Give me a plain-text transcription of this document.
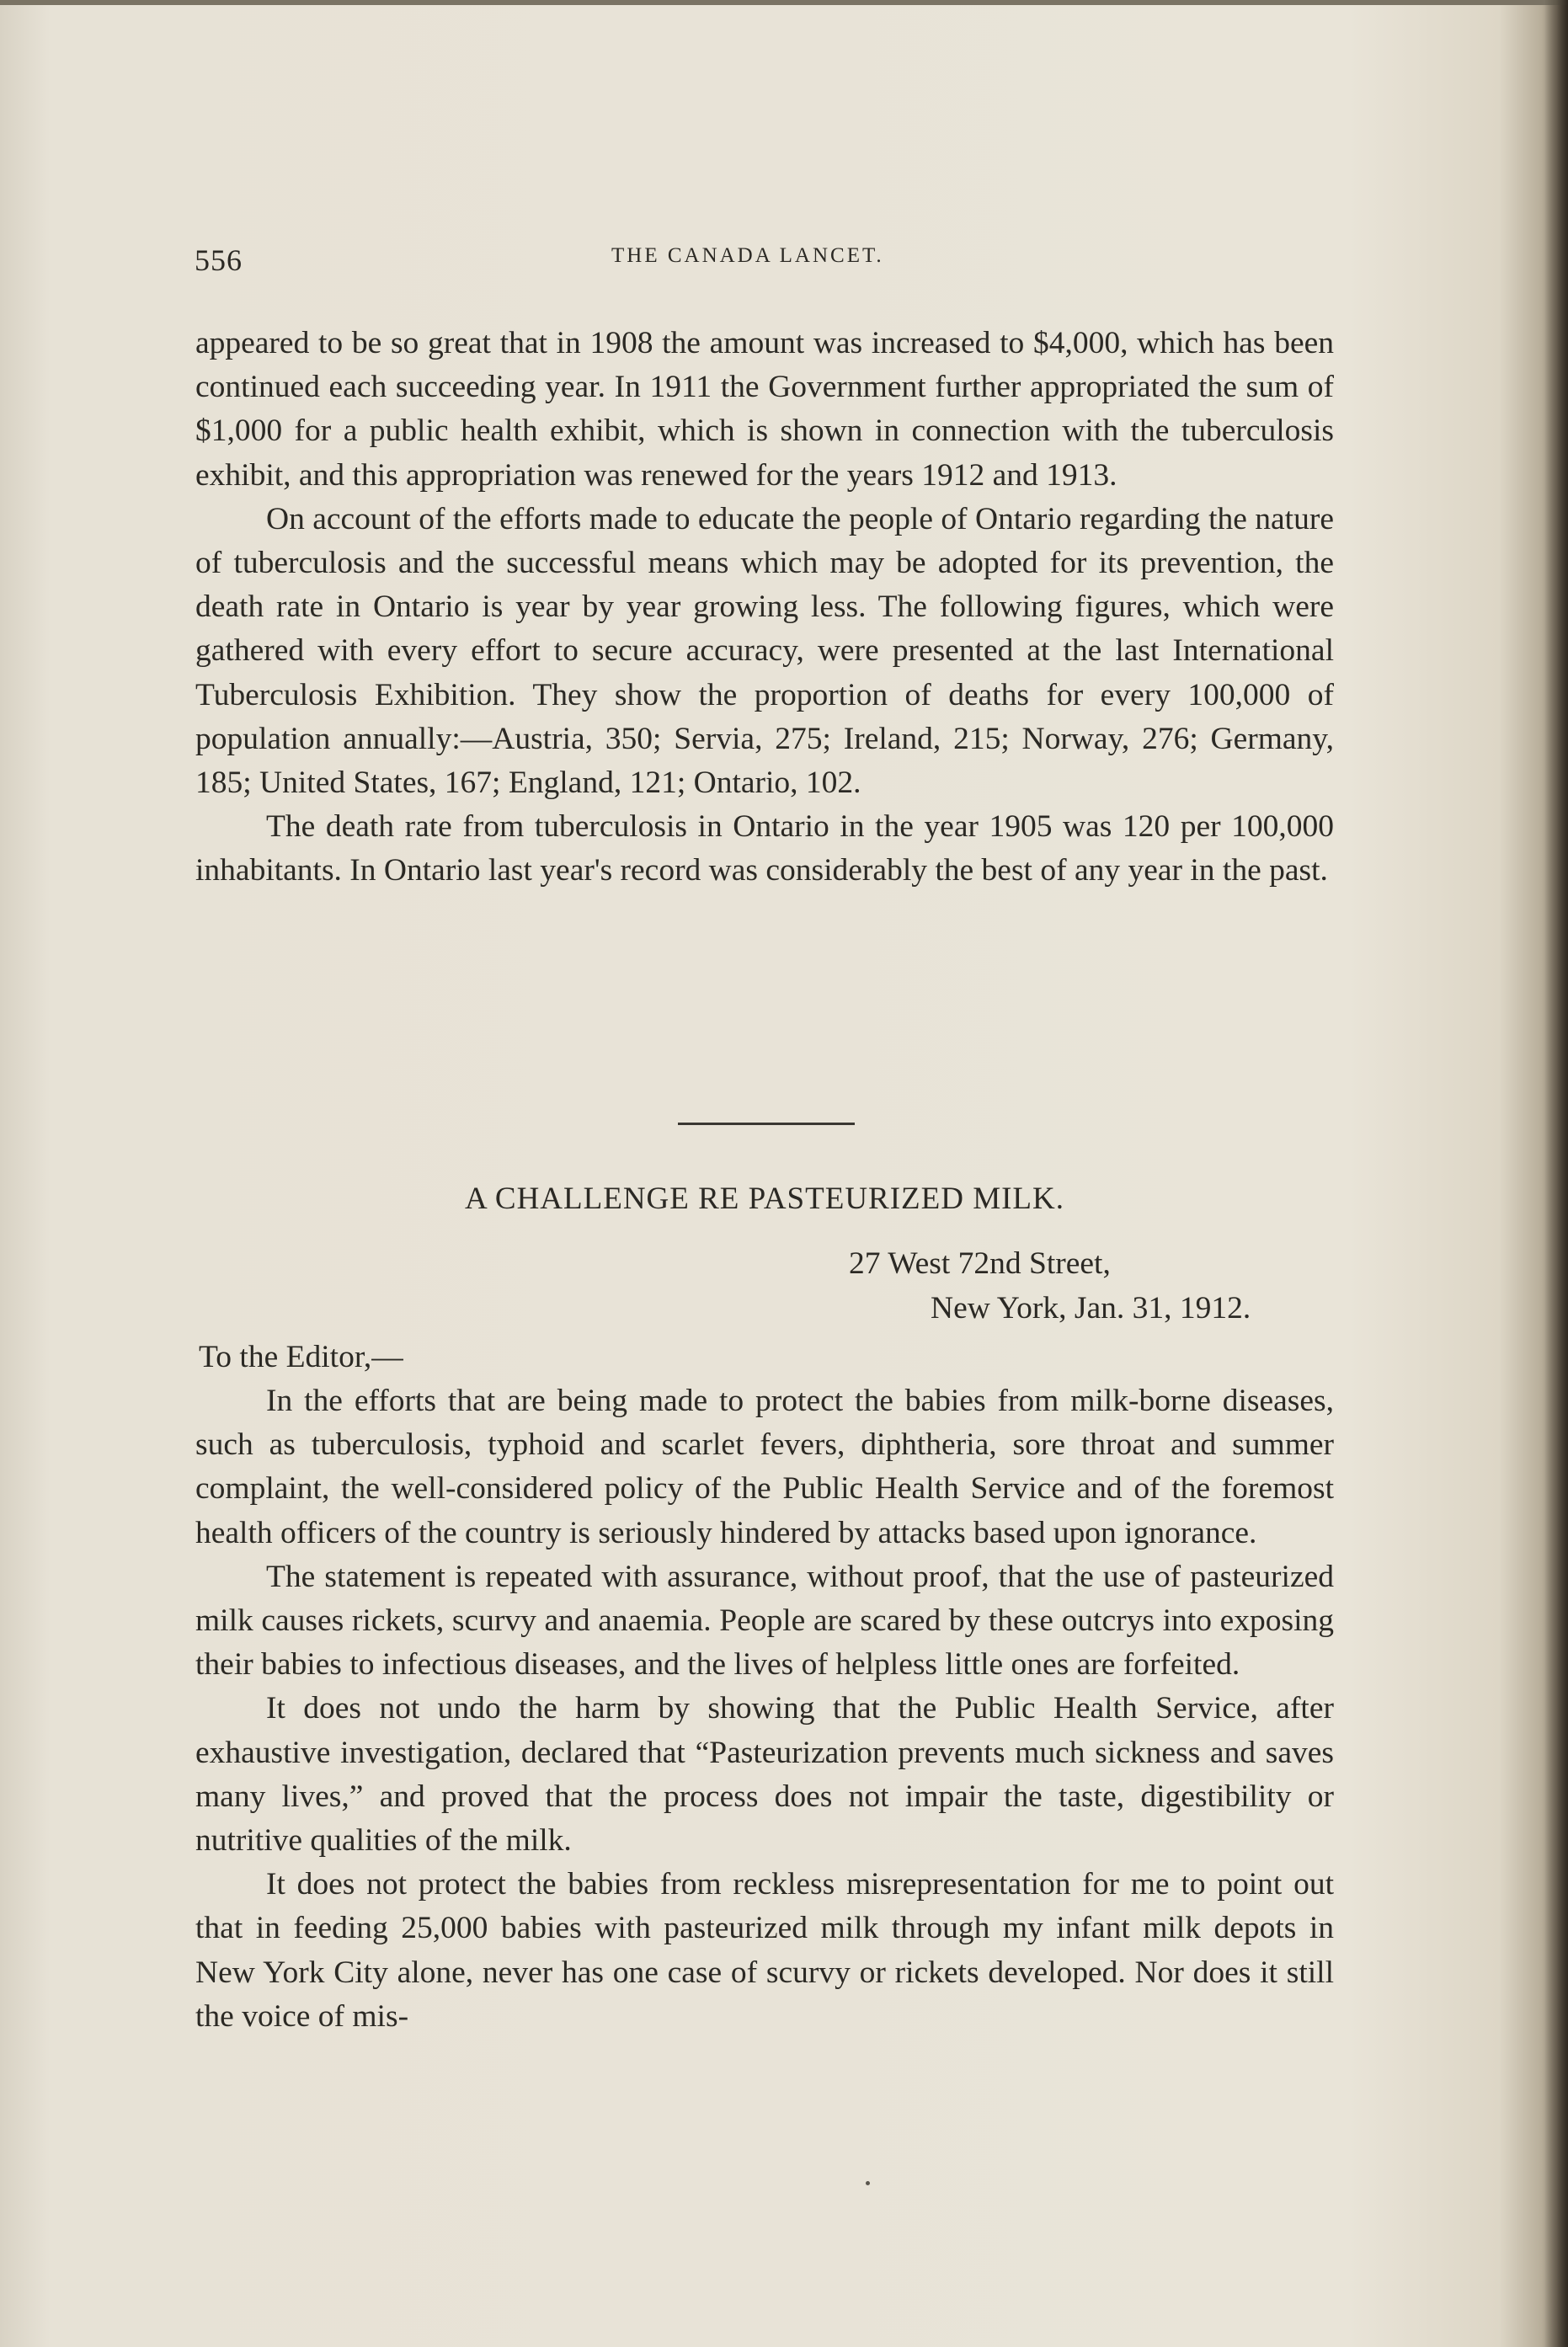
556	THE CANADA LANCET.

appeared to be so great that in 1908 the amount was increased to $4,000, which has been continued each succeeding year. In 1911 the Government further appropriated the sum of $1,000 for a public health exhibit, which is shown in connection with the tuberculosis exhibit, and this appropriation was renewed for the years 1912 and 1913.

On account of the efforts made to educate the people of Ontario regarding the nature of tuberculosis and the successful means which may be adopted for its prevention, the death rate in Ontario is year by year growing less. The following figures, which were gathered with every effort to secure accuracy, were presented at the last International Tuberculosis Exhibition. They show the proportion of deaths for every 100,000 of population annually:—Austria, 350; Servia, 275; Ireland, 215; Norway, 276; Germany, 185; United States, 167; England, 121; Ontario, 102.

The death rate from tuberculosis in Ontario in the year 1905 was 120 per 100,000 inhabitants. In Ontario last year's record was considerably the best of any year in the past.

A CHALLENGE RE PASTEURIZED MILK.
27 West 72nd Street,
New York, Jan. 31, 1912.
To the Editor,—

In the efforts that are being made to protect the babies from milk-borne diseases, such as tuberculosis, typhoid and scarlet fevers, diphtheria, sore throat and summer complaint, the well-considered policy of the Public Health Service and of the foremost health officers of the country is seriously hindered by attacks based upon ignorance.

The statement is repeated with assurance, without proof, that the use of pasteurized milk causes rickets, scurvy and anaemia. People are scared by these outcrys into exposing their babies to infectious diseases, and the lives of helpless little ones are forfeited.

It does not undo the harm by showing that the Public Health Service, after exhaustive investigation, declared that “Pasteurization prevents much sickness and saves many lives,” and proved that the process does not impair the taste, digestibility or nutritive qualities of the milk.

It does not protect the babies from reckless misrepresentation for me to point out that in feeding 25,000 babies with pasteurized milk through my infant milk depots in New York City alone, never has one case of scurvy or rickets developed. Nor does it still the voice of mis-
